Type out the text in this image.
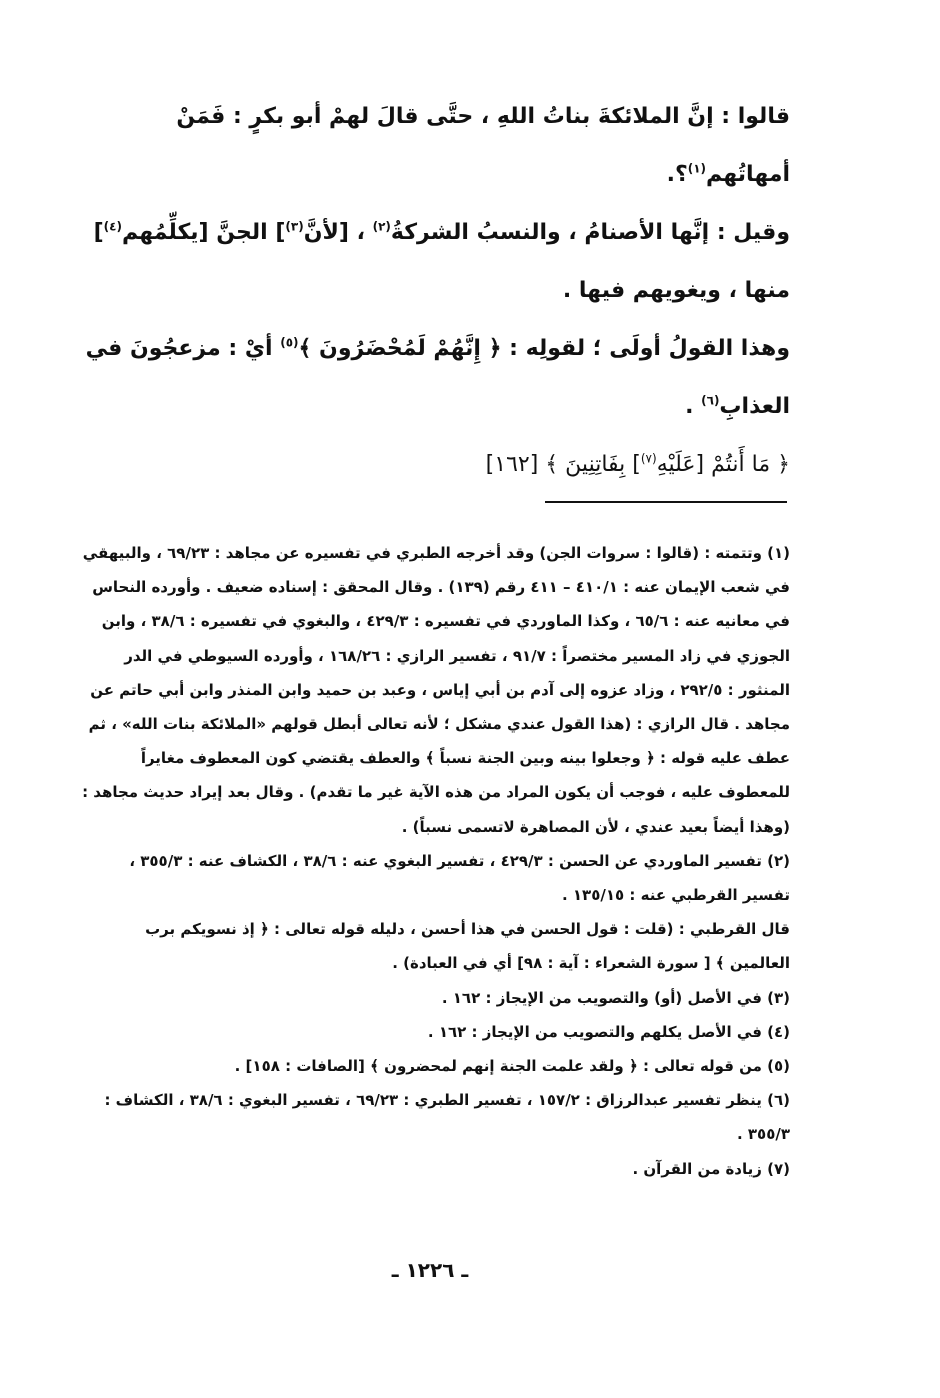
قالوا : إنَّ الملائكةَ بناتُ اللهِ ، حتَّى قالَ لهمْ أبو بكرٍ : فَمَنْ أمهاتُهم$^{(١)}$؟.

وقيل : إنَّها الأصنامُ ، والنسبُ الشركةُ$^{(٢)}$ ، [لأنَّ$^{(٣)}$] الجنَّ [يكلِّمُهم$^{(٤)}$] منها ، ويغويهم فيها .

وهذا القولُ أولَى ؛ لقولِه : ﴿ إِنَّهُمْ لَمُحْضَرُونَ ﴾$^{(٥)}$ أيْ : مزعجُونَ في العذابِ$^{(٦)}$ .

﴿ مَا أَنتُمْ [عَلَيْهِ$^{(٧)}$] بِفَاتِنِينَ ﴾ [١٦٢]

(١) وتتمته : (قالوا : سروات الجن) وقد أخرجه الطبري في تفسيره عن مجاهد : ٦٩/٢٣ ، والبيهقي في شعب الإيمان عنه : ٤١٠/١ – ٤١١ رقم (١٣٩) . وقال المحقق : إسناده ضعيف . وأورده النحاس في معانيه عنه : ٦٥/٦ ، وكذا الماوردي في تفسيره : ٤٢٩/٣ ، والبغوي في تفسيره : ٣٨/٦ ، وابن الجوزي في زاد المسير مختصراً : ٩١/٧ ، تفسير الرازي : ١٦٨/٢٦ ، وأورده السيوطي في الدر المنثور : ٢٩٢/٥ ، وزاد عزوه إلى آدم بن أبي إياس ، وعبد بن حميد وابن المنذر وابن أبي حاتم عن مجاهد . قال الرازي : (هذا القول عندي مشكل ؛ لأنه تعالى أبطل قولهم «الملائكة بنات الله» ، ثم عطف عليه قوله : ﴿ وجعلوا بينه وبين الجنة نسباً ﴾ والعطف يقتضي كون المعطوف مغايراً للمعطوف عليه ، فوجب أن يكون المراد من هذه الآية غير ما تقدم) . وقال بعد إيراد حديث مجاهد : (وهذا أيضاً بعيد عندي ، لأن المصاهرة لاتسمى نسباً) .

(٢) تفسير الماوردي عن الحسن : ٤٢٩/٣ ، تفسير البغوي عنه : ٣٨/٦ ، الكشاف عنه : ٣٥٥/٣ ، تفسير القرطبي عنه : ١٣٥/١٥ .

قال القرطبي : (قلت : قول الحسن في هذا أحسن ، دليله قوله تعالى : ﴿ إذ نسويكم برب العالمين ﴾ [ سورة الشعراء : آية : ٩٨] أي في العبادة) .

(٣) في الأصل (أو) والتصويب من الإيجاز : ١٦٢ .

(٤) في الأصل يكلهم والتصويب من الإيجاز : ١٦٢ .

(٥) من قوله تعالى : ﴿ ولقد علمت الجنة إنهم لمحضرون ﴾ [الصافات : ١٥٨] .

(٦) ينظر تفسير عبدالرزاق : ١٥٧/٢ ، تفسير الطبري : ٦٩/٢٣ ، تفسير البغوي : ٣٨/٦ ، الكشاف : ٣٥٥/٣ .

(٧) زيادة من القرآن .

ـ ١٢٢٦ ـ
